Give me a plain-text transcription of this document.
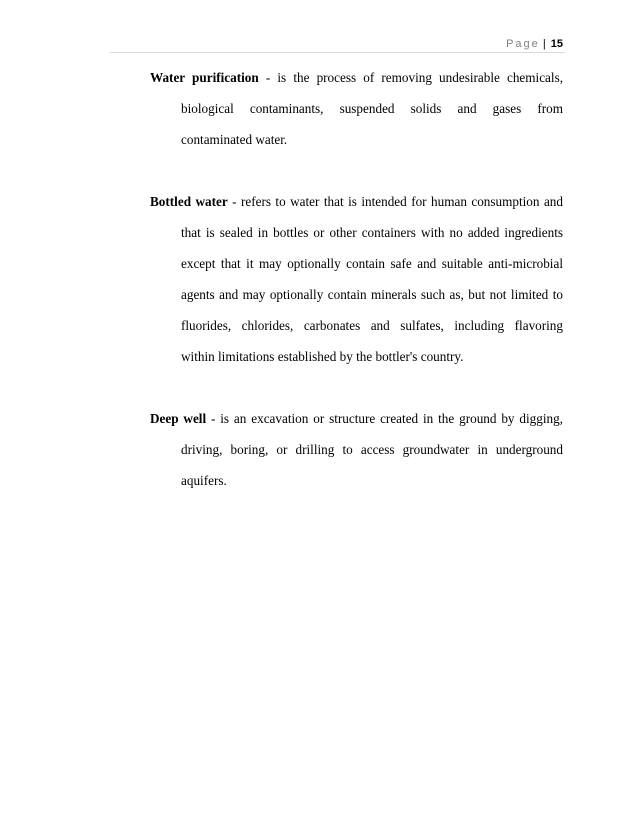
Page | 15

Water purification - is the process of removing undesirable chemicals,

biological contaminants, suspended solids and gases from

contaminated water.

Bottled water - refers to water that is intended for human consumption and

that is sealed in bottles or other containers with no added ingredients

except that it may optionally contain safe and suitable anti-microbial

agents and may optionally contain minerals such as, but not limited to

fluorides, chlorides, carbonates and sulfates, including flavoring

within limitations established by the bottler's country.

Deep well - is an excavation or structure created in the ground by digging,

driving, boring, or drilling to access groundwater in underground

aquifers.
